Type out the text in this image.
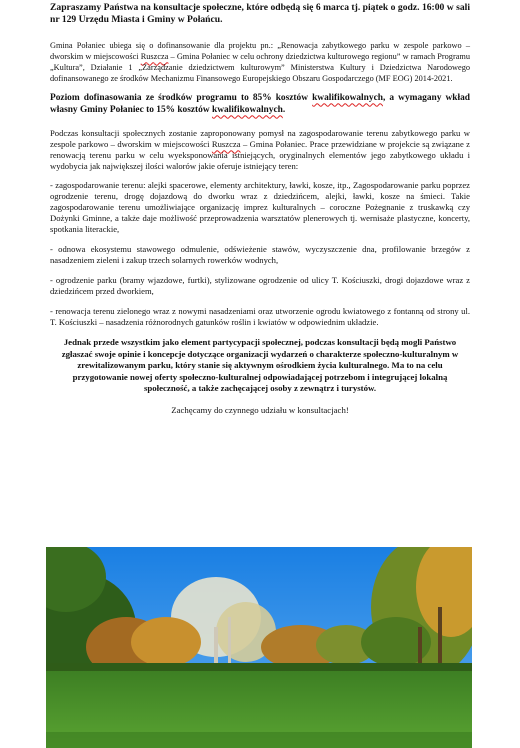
Zapraszamy Państwa na konsultacje społeczne, które odbędą się 6 marca tj. piątek o godz. 16:00 w sali nr 129 Urzędu Miasta i Gminy w Połańcu.

Gmina Połaniec ubiega się o dofinansowanie dla projektu pn.: „Renowacja zabytkowego parku w zespole parkowo – dworskim w miejscowości Ruszcza – Gmina Połaniec w celu ochrony dziedzictwa kulturowego regionu” w ramach Programu „Kultura”, Działanie 1 „Zarządzanie dziedzictwem kulturowym” Ministerstwa Kultury i Dziedzictwa Narodowego dofinansowanego ze środków Mechanizmu Finansowego Europejskiego Obszaru Gospodarczego (MF EOG) 2014-2021.

Poziom dofinasowania ze środków programu to 85% kosztów kwalifikowalnych, a wymagany wkład własny Gminy Połaniec to 15% kosztów kwalifikowalnych.

Podczas konsultacji społecznych zostanie zaproponowany pomysł na zagospodarowanie terenu zabytkowego parku w zespole parkowo – dworskim w miejscowości Ruszcza – Gmina Połaniec. Prace przewidziane w projekcie są związane z renowacją terenu parku w celu wyeksponowania istniejących, oryginalnych elementów jego zabytkowego układu i wydobycia jak największej ilości walorów jakie oferuje istniejący teren:

- zagospodarowanie terenu: alejki spacerowe, elementy architektury, ławki, kosze, itp., Zagospodarowanie parku poprzez ogrodzenie terenu, drogę dojazdową do dworku wraz z dziedzińcem, alejki, ławki, kosze na śmieci. Takie zagospodarowanie terenu umożliwiające organizację imprez kulturalnych – coroczne Pożegnanie z truskawką czy Dożynki Gminne, a także daje możliwość przeprowadzenia warsztatów plenerowych tj. wernisaże plastyczne, koncerty, spotkania literackie,

- odnowa ekosystemu stawowego odmulenie, odświeżenie stawów, wyczyszczenie dna, profilowanie brzegów z nasadzeniem zieleni i zakup trzech solarnych rowerków wodnych,

- ogrodzenie parku (bramy wjazdowe, furtki), stylizowane ogrodzenie od ulicy T. Kościuszki, drogi dojazdowe wraz z dziedzińcem przed dworkiem,

- renowacja terenu zielonego wraz z nowymi nasadzeniami oraz utworzenie ogrodu kwiatowego z fontanną od strony ul. T. Kościuszki – nasadzenia różnorodnych gatunków roślin i kwiatów w odpowiednim układzie.

Jednak przede wszystkim jako element partycypacji społecznej, podczas konsultacji będą mogli Państwo zgłaszać swoje opinie i koncepcje dotyczące organizacji wydarzeń o charakterze społeczno-kulturalnym w zrewitalizowanym parku, który stanie się aktywnym ośrodkiem życia kulturalnego. Ma to na celu przygotowanie nowej oferty społeczno-kulturalnej odpowiadającej potrzebom i integrującej lokalną społeczność, a także zachęcającej osoby z zewnątrz i turystów.

Zachęcamy do czynnego udziału w konsultacjach!
